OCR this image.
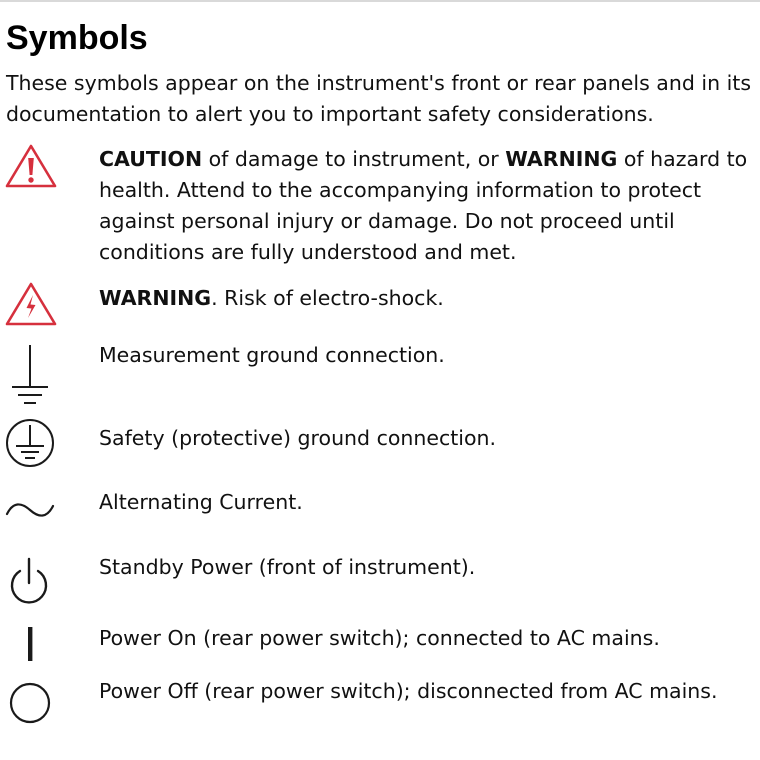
Symbols

These symbols appear on the instrument's front or rear panels and in its documentation to alert you to important safety considerations.

CAUTION of damage to instrument, or WARNING of hazard to health. Attend to the accompanying information to protect against personal injury or damage. Do not proceed until conditions are fully understood and met.

WARNING. Risk of electro-shock.

Measurement ground connection.

Safety (protective) ground connection.

Alternating Current.

Standby Power (front of instrument).

Power On (rear power switch); connected to AC mains.

Power Off (rear power switch); disconnected from AC mains.
